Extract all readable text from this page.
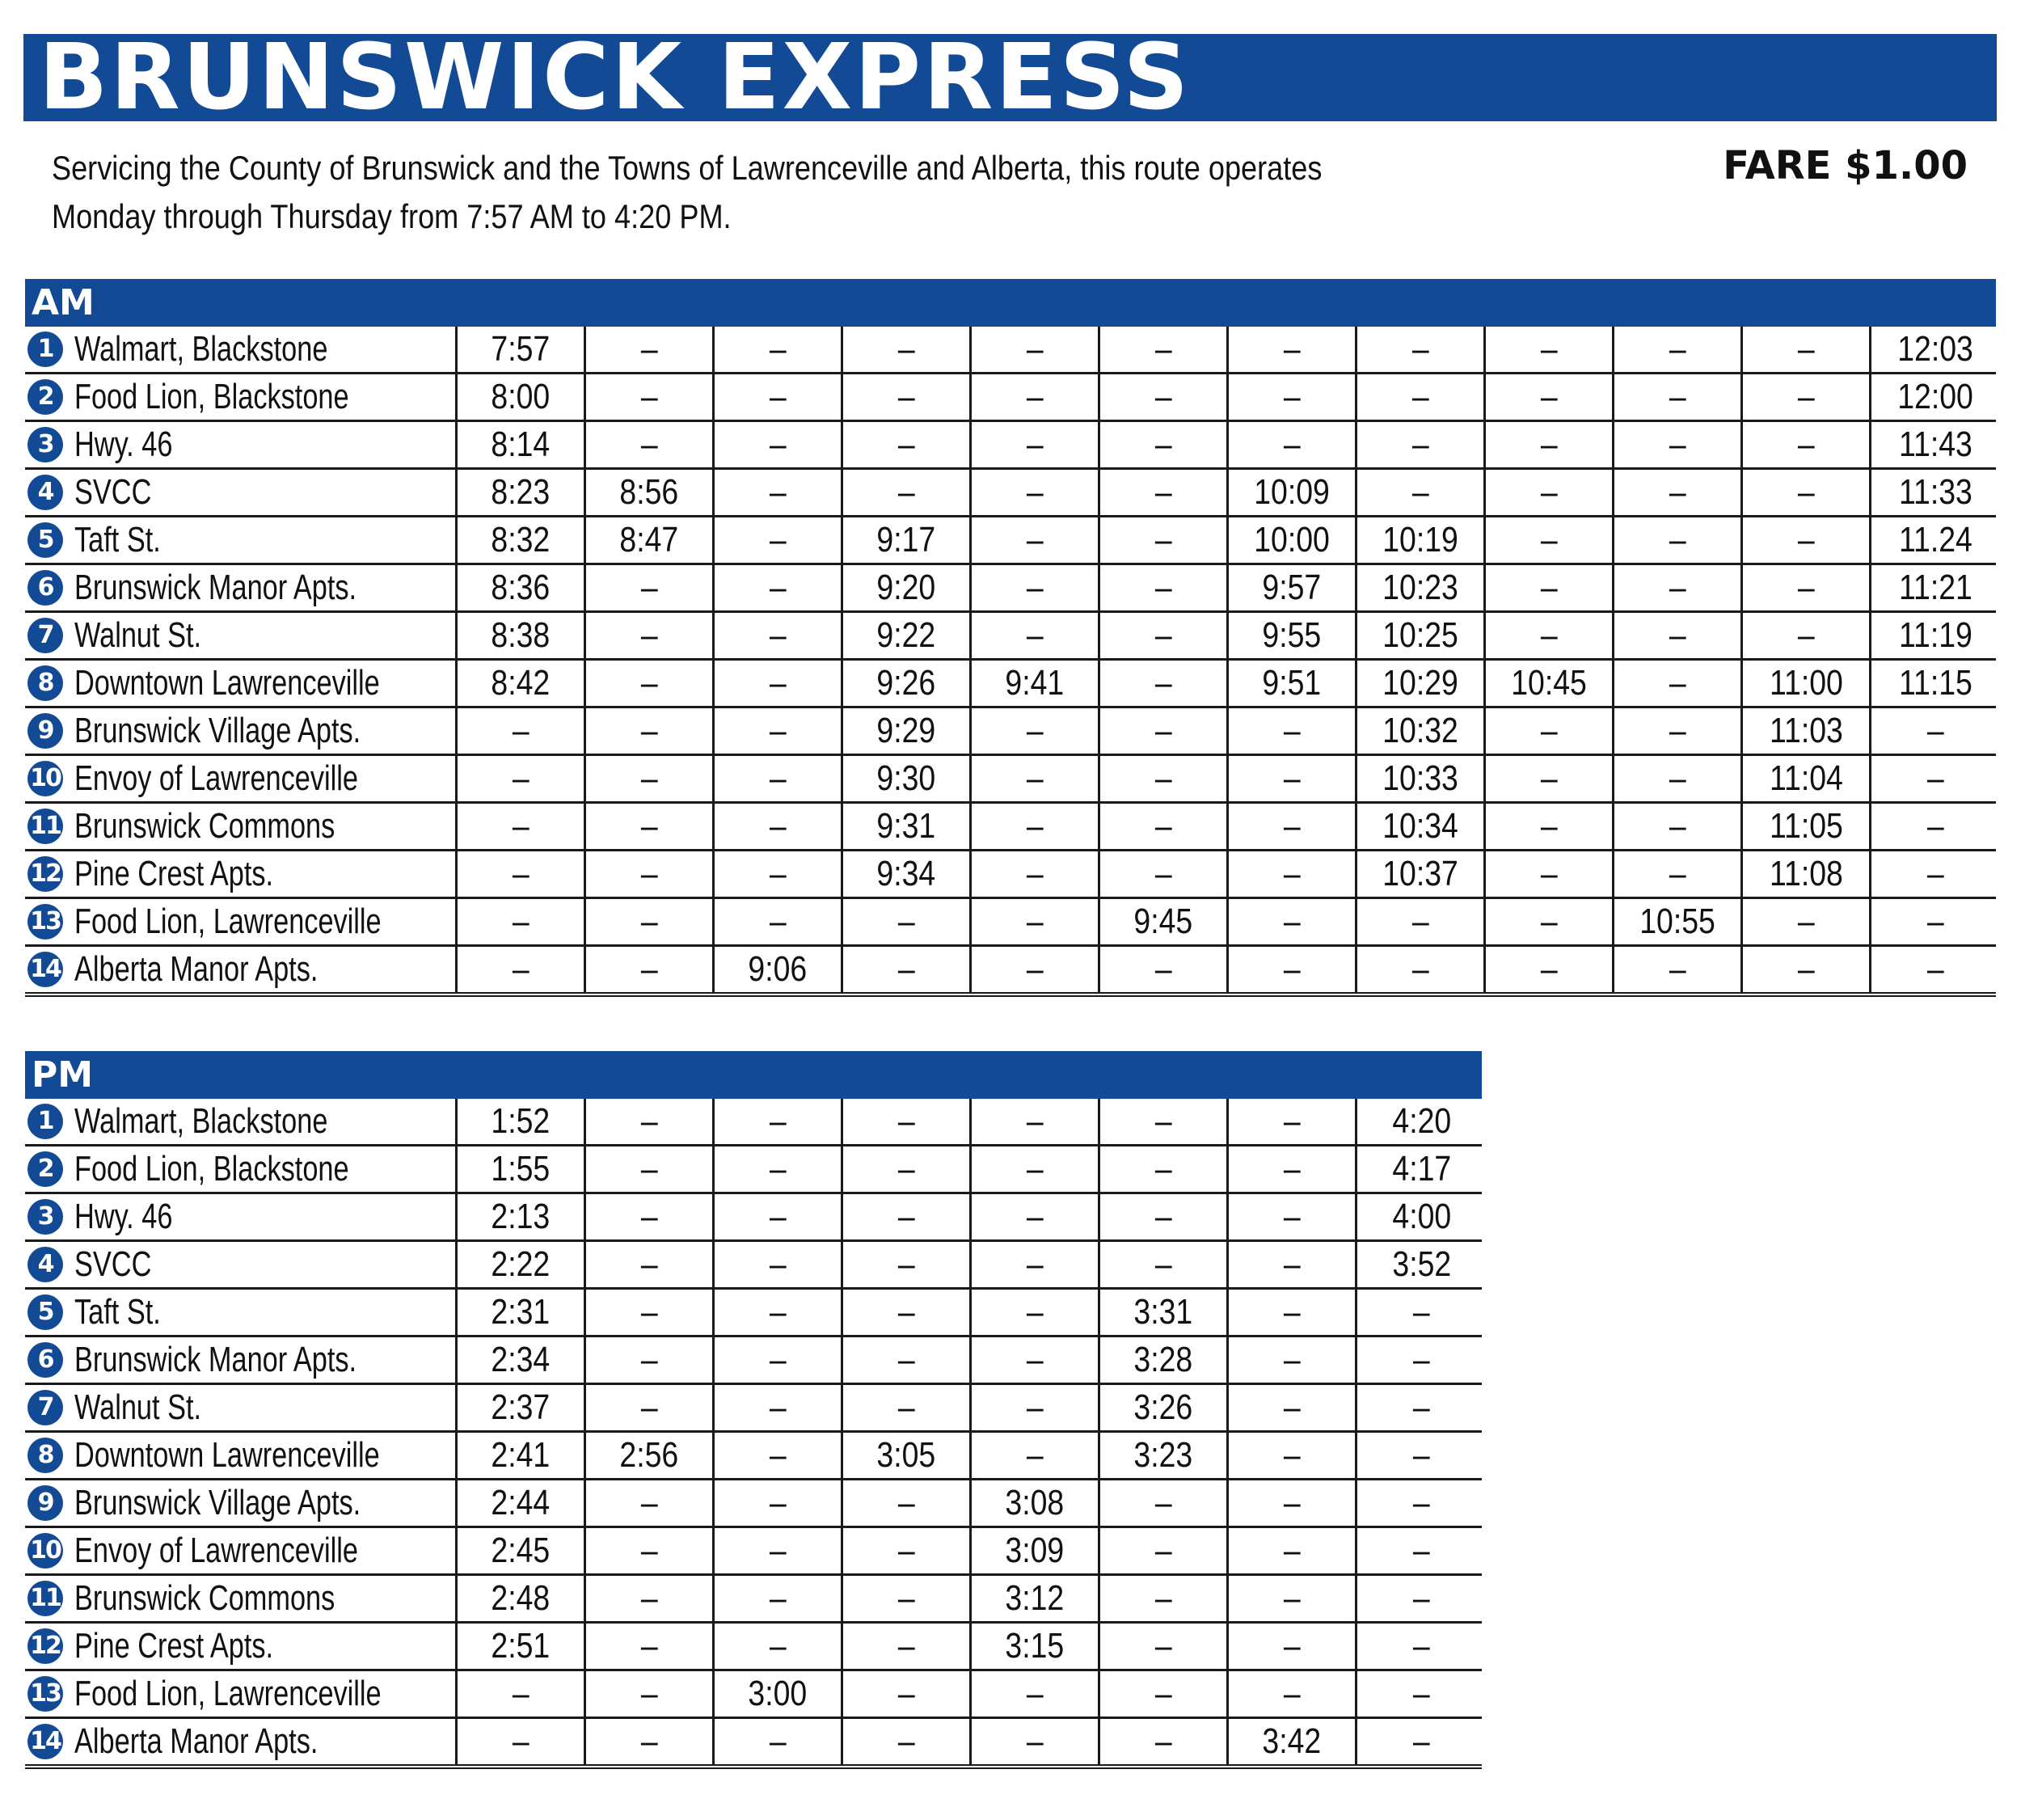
BRUNSWICK EXPRESS
Servicing the County of Brunswick and the Towns of Lawrenceville and Alberta, this route operates
Monday through Thursday from 7:57 AM to 4:20 PM.
FARE $1.00
AM
1 Walmart, Blackstone	7:57	–	–	–	–	–	–	–	–	–	– 12:03
2 Food Lion, Blackstone	8:00	–	–	–	–	–	–	–	–	–	– 12:00
3 Hwy. 46	8:14	–	–	–	–	–	–	–	–	–	– 11:43
4 SVCC	8:23 8:56	–	–	–	– 10:09 –	–	–	– 11:33
5 Taft St.	8:32 8:47	–	9:17	–	– 10:00 10:19 –	–	– 11.24
6 Brunswick Manor Apts.	8:36	–	–	9:20	–	–	9:57 10:23 –	–	– 11:21
7 Walnut St.	8:38	–	–	9:22	–	–	9:55 10:25 –	–	– 11:19
8 Downtown Lawrenceville	8:42	–	–	9:26 9:41	–	9:51 10:29 10:45 – 11:00 11:15
9 Brunswick Village Apts.	–	–	–	9:29	–	–	– 10:32 –	– 11:03 –
10 Envoy of Lawrenceville	–	–	–	9:30	–	–	– 10:33 –	– 11:04 –
11 Brunswick Commons	–	–	–	9:31	–	–	– 10:34 –	– 11:05 –
12 Pine Crest Apts.	–	–	–	9:34	–	–	– 10:37 –	– 11:08 –
13 Food Lion, Lawrenceville	–	–	–	–	–	9:45	–	–	– 10:55 –	–
14 Alberta Manor Apts.	–	–	9:06	–	–	–	–	–	–	–	–	–
PM
1 Walmart, Blackstone	1:52	–	–	–	–	–	–	4:20
2 Food Lion, Blackstone	1:55	–	–	–	–	–	–	4:17
3 Hwy. 46	2:13	–	–	–	–	–	–	4:00
4 SVCC	2:22	–	–	–	–	–	–	3:52
5 Taft St.	2:31	–	–	–	–	3:31	–	–
6 Brunswick Manor Apts.	2:34	–	–	–	–	3:28	–	–
7 Walnut St.	2:37	–	–	–	–	3:26	–	–
8 Downtown Lawrenceville	2:41 2:56	–	3:05	–	3:23	–	–
9 Brunswick Village Apts.	2:44	–	–	–	3:08	–	–	–
10 Envoy of Lawrenceville	2:45	–	–	–	3:09	–	–	–
11 Brunswick Commons	2:48	–	–	–	3:12	–	–	–
12 Pine Crest Apts.	2:51	–	–	–	3:15	–	–	–
13 Food Lion, Lawrenceville	–	–	3:00	–	–	–	–	–
14 Alberta Manor Apts.	–	–	–	–	–	–	3:42	–
